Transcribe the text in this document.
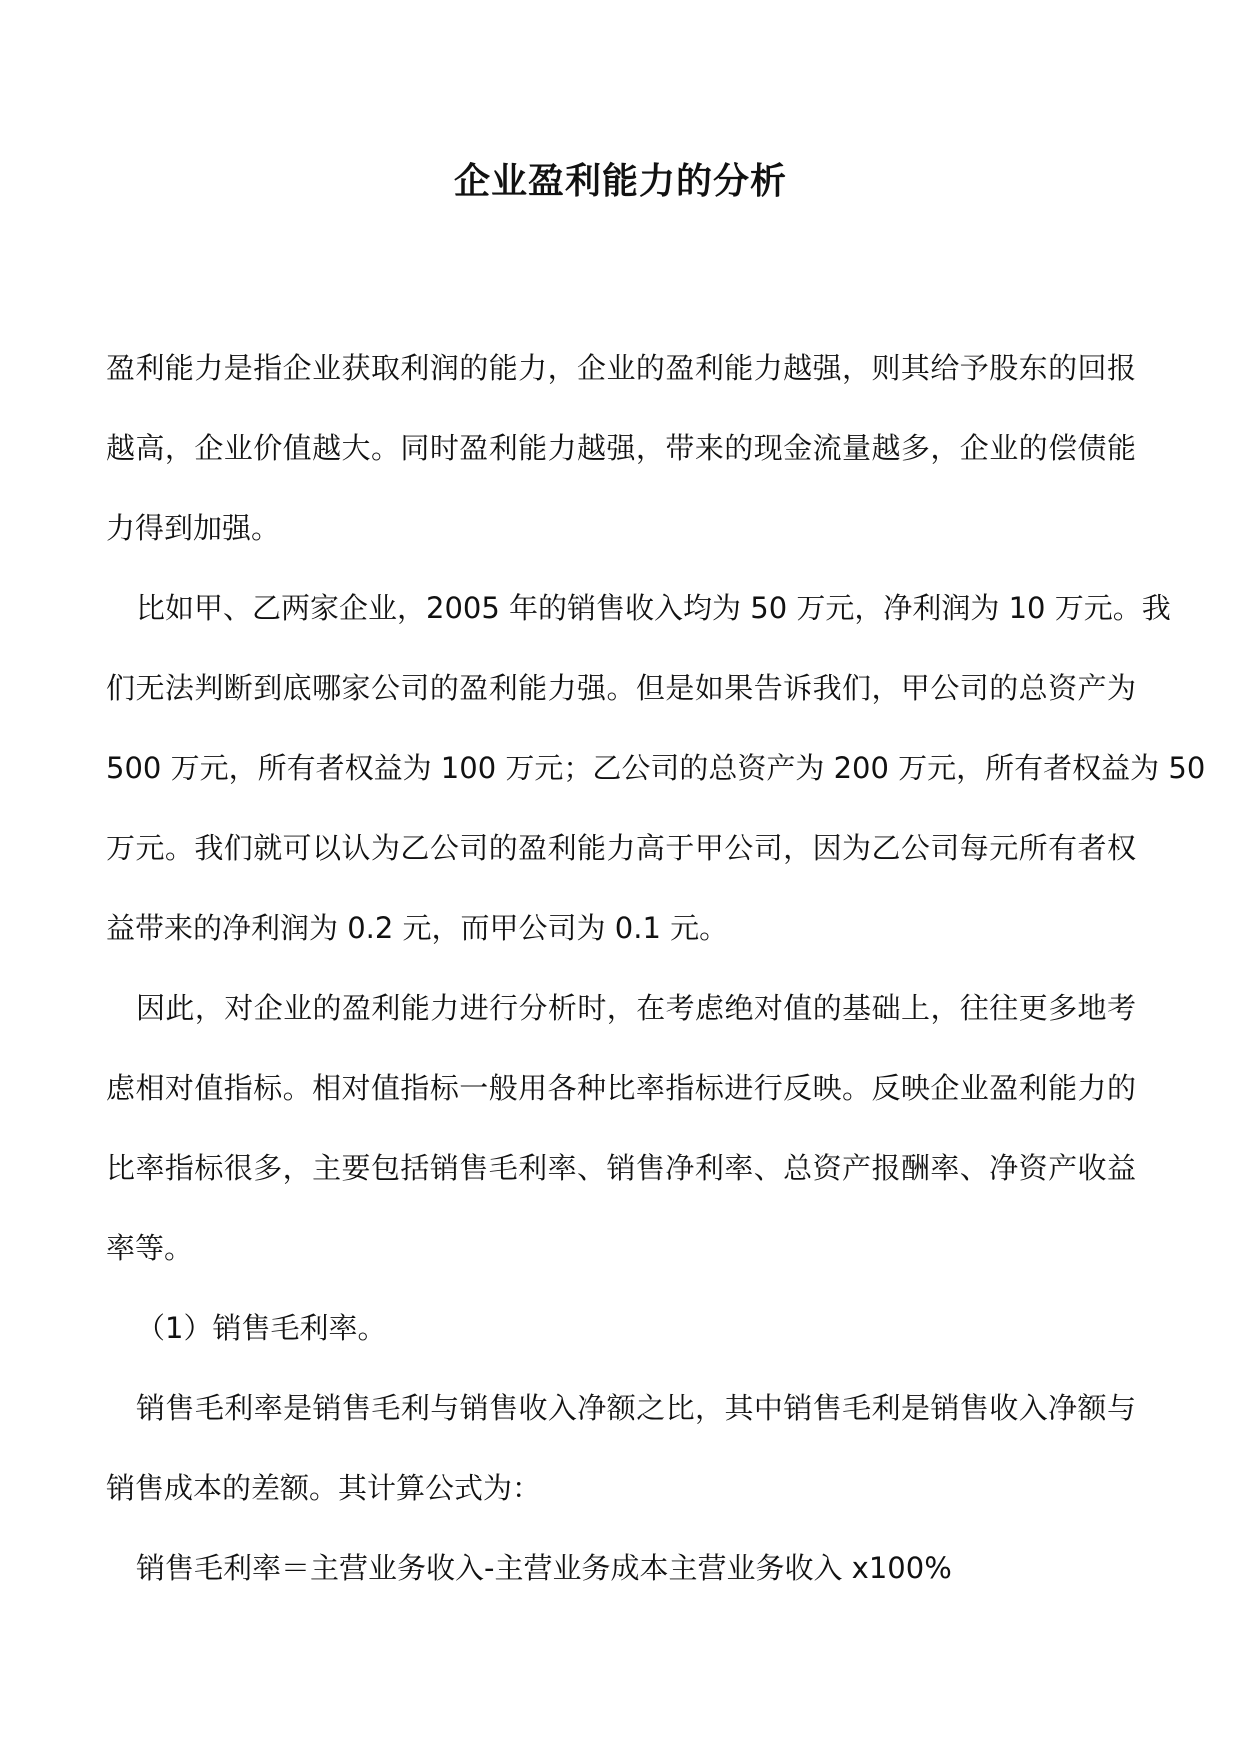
企业盈利能力的分析
盈利能力是指企业获取利润的能力，企业的盈利能力越强，则其给予股东的回报
越高，企业价值越大。同时盈利能力越强，带来的现金流量越多，企业的偿债能
力得到加强。
比如甲、乙两家企业，2005 年的销售收入均为 50 万元，净利润为 10 万元。我
们无法判断到底哪家公司的盈利能力强。但是如果告诉我们，甲公司的总资产为
500 万元，所有者权益为 100 万元；乙公司的总资产为 200 万元，所有者权益为 50
万元。我们就可以认为乙公司的盈利能力高于甲公司，因为乙公司每元所有者权
益带来的净利润为 0.2 元，而甲公司为 0.1 元。
因此，对企业的盈利能力进行分析时，在考虑绝对值的基础上，往往更多地考
虑相对值指标。相对值指标一般用各种比率指标进行反映。反映企业盈利能力的
比率指标很多，主要包括销售毛利率、销售净利率、总资产报酬率、净资产收益
率等。
（1）销售毛利率。
销售毛利率是销售毛利与销售收入净额之比，其中销售毛利是销售收入净额与
销售成本的差额。其计算公式为：
销售毛利率＝主营业务收入-主营业务成本主营业务收入 x100%
